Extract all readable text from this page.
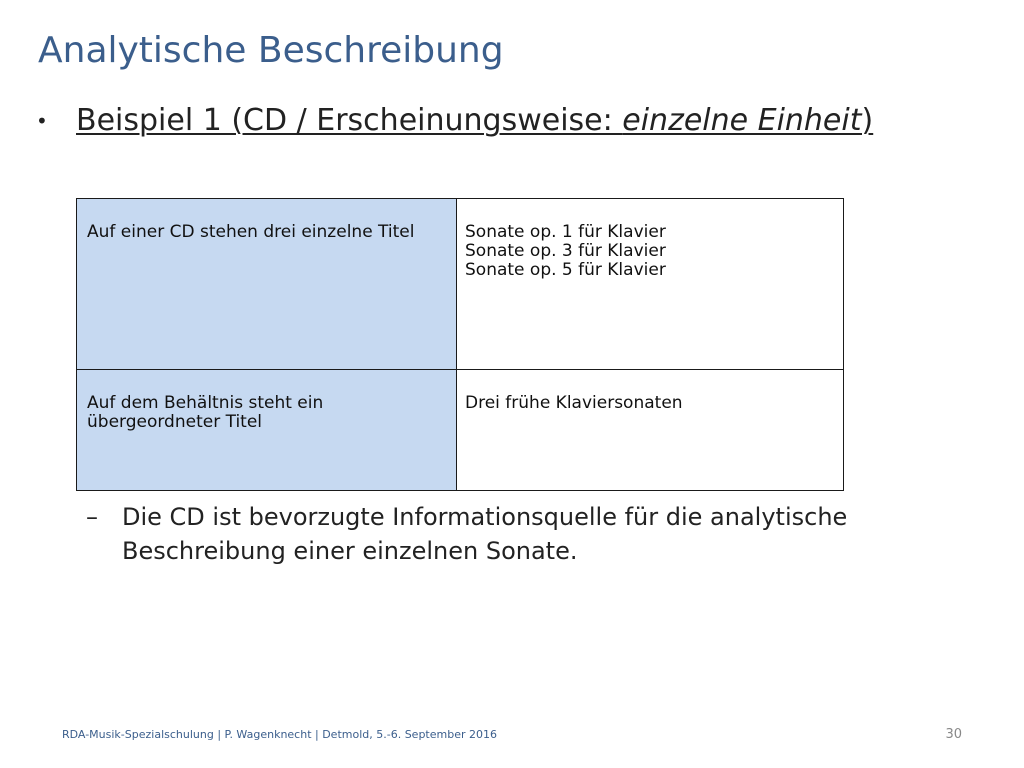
Analytische Beschreibung
• Beispiel 1 (CD / Erscheinungsweise: einzelne Einheit)
Auf einer CD stehen drei einzelne Titel	Sonate op. 1 für Klavier
Sonate op. 3 für Klavier
Sonate op. 5 für Klavier

Auf dem Behältnis steht ein übergeordneter Titel	Drei frühe Klaviersonaten
– Die CD ist bevorzugte Informationsquelle für die analytische Beschreibung einer einzelnen Sonate.
RDA-Musik-Spezialschulung | P. Wagenknecht | Detmold, 5.-6. September 2016	30
